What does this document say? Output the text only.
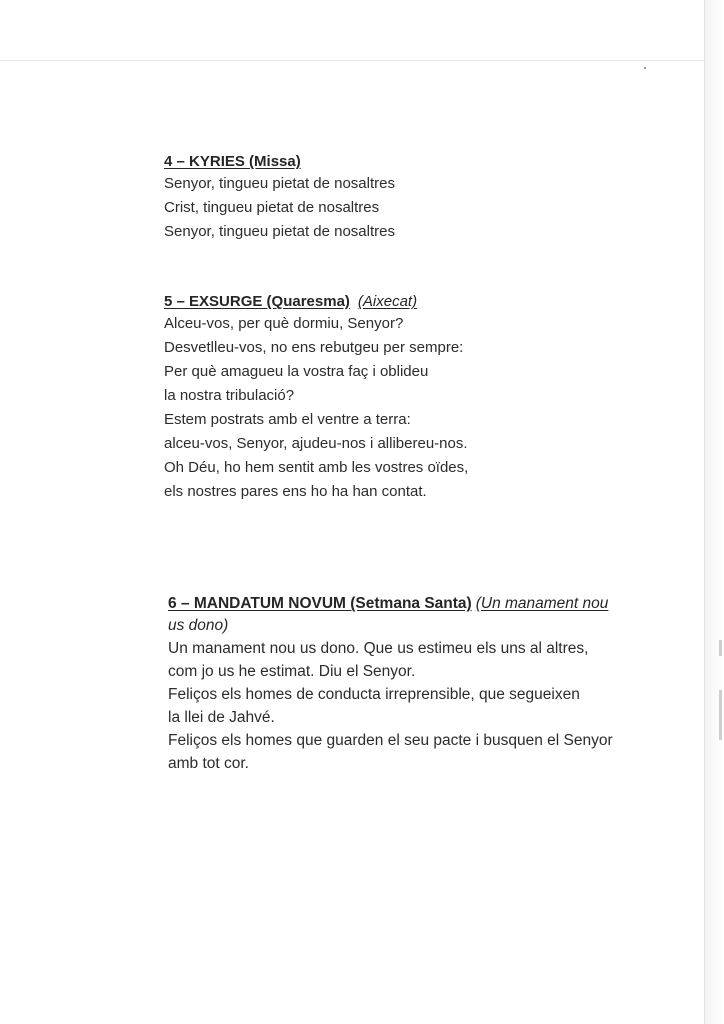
4 – KYRIES (Missa)
Senyor, tingueu pietat de nosaltres
Crist, tingueu pietat de nosaltres
Senyor, tingueu pietat de nosaltres
5 – EXSURGE (Quaresma) (Aixecat)
Alceu-vos, per què dormiu, Senyor?
Desvetlleu-vos, no ens rebutgeu per sempre:
Per què amagueu la vostra faç i oblideu
la nostra tribulació?
Estem postrats amb el ventre a terra:
alceu-vos, Senyor, ajudeu-nos i allibereu-nos.
Oh Déu, ho hem sentit amb les vostres oïdes,
els nostres pares ens ho ha han contat.
6 – MANDATUM NOVUM (Setmana Santa) (Un manament nou
us dono)
Un manament nou us dono. Que us estimeu els uns al altres,
com jo us he estimat. Diu el Senyor.
Feliços els homes de conducta irreprensible, que segueixen
la llei de Jahvé.
Feliços els homes que guarden el seu pacte i busquen el Senyor
amb tot cor.
